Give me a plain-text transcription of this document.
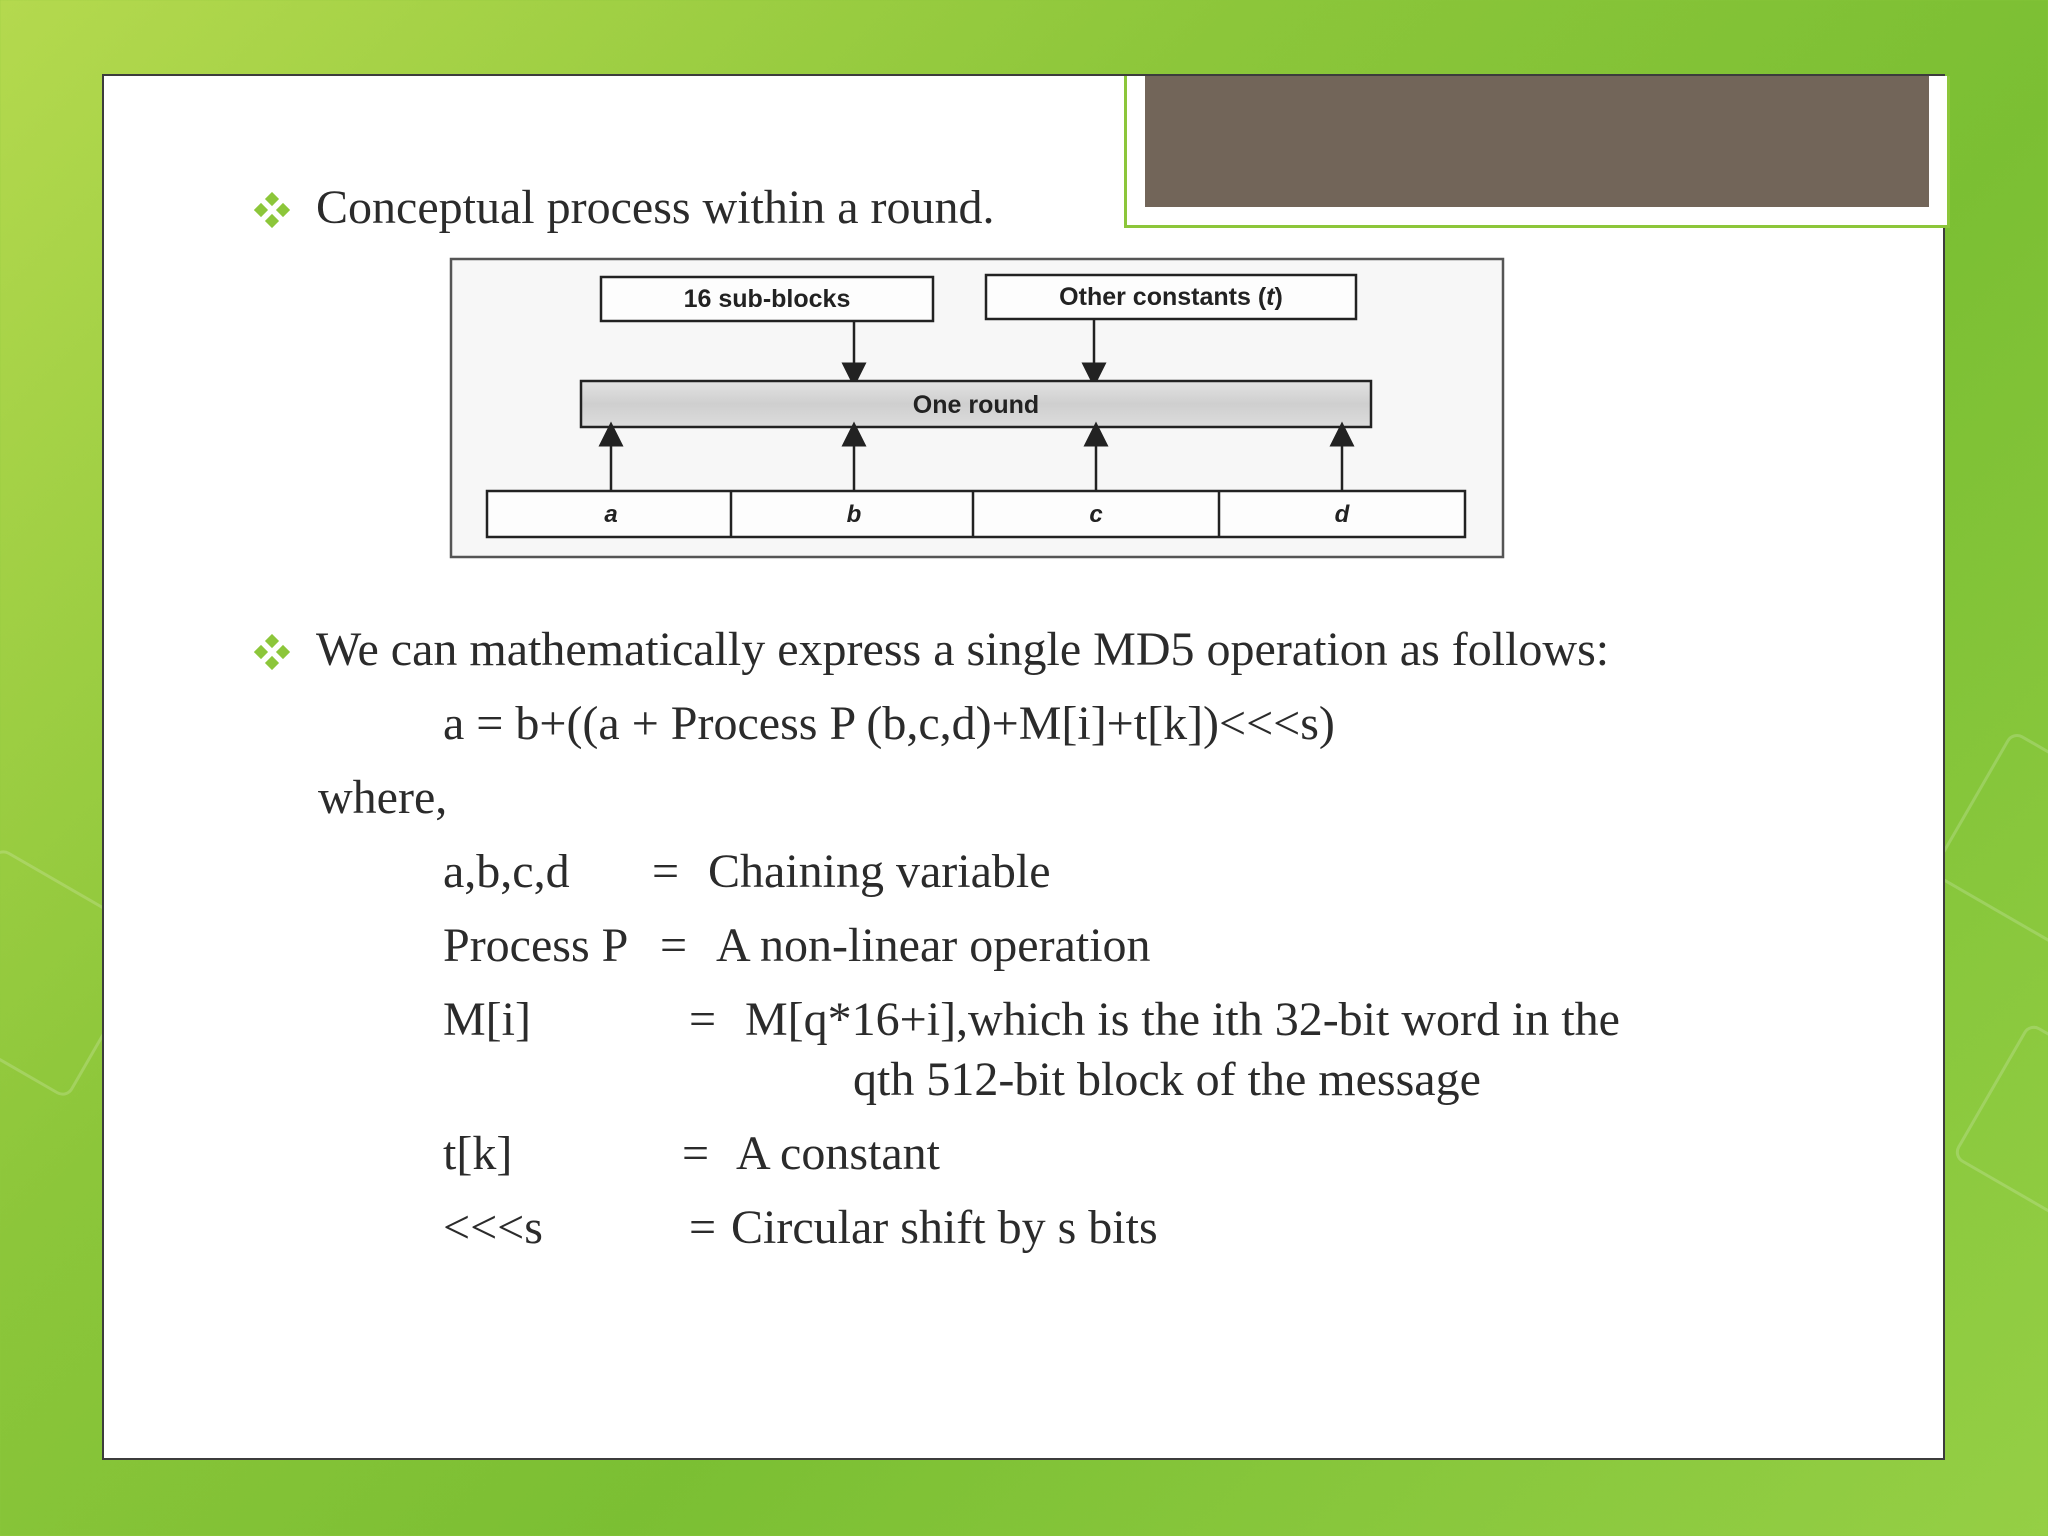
Conceptual process within a round.
16 sub-blocks	Other constants (t)
One round
a	b	c	d
We can mathematically express a single MD5 operation as follows:
a = b+((a + Process P (b,c,d)+M[i]+t[k])<<<s)
where,
a,b,c,d = Chaining variable
Process P = A non-linear operation
M[i]	= M[q*16+i],which is the ith 32-bit word in the
qth 512-bit block of the message
t[k]	= A constant
<<<s	= Circular shift by s bits
